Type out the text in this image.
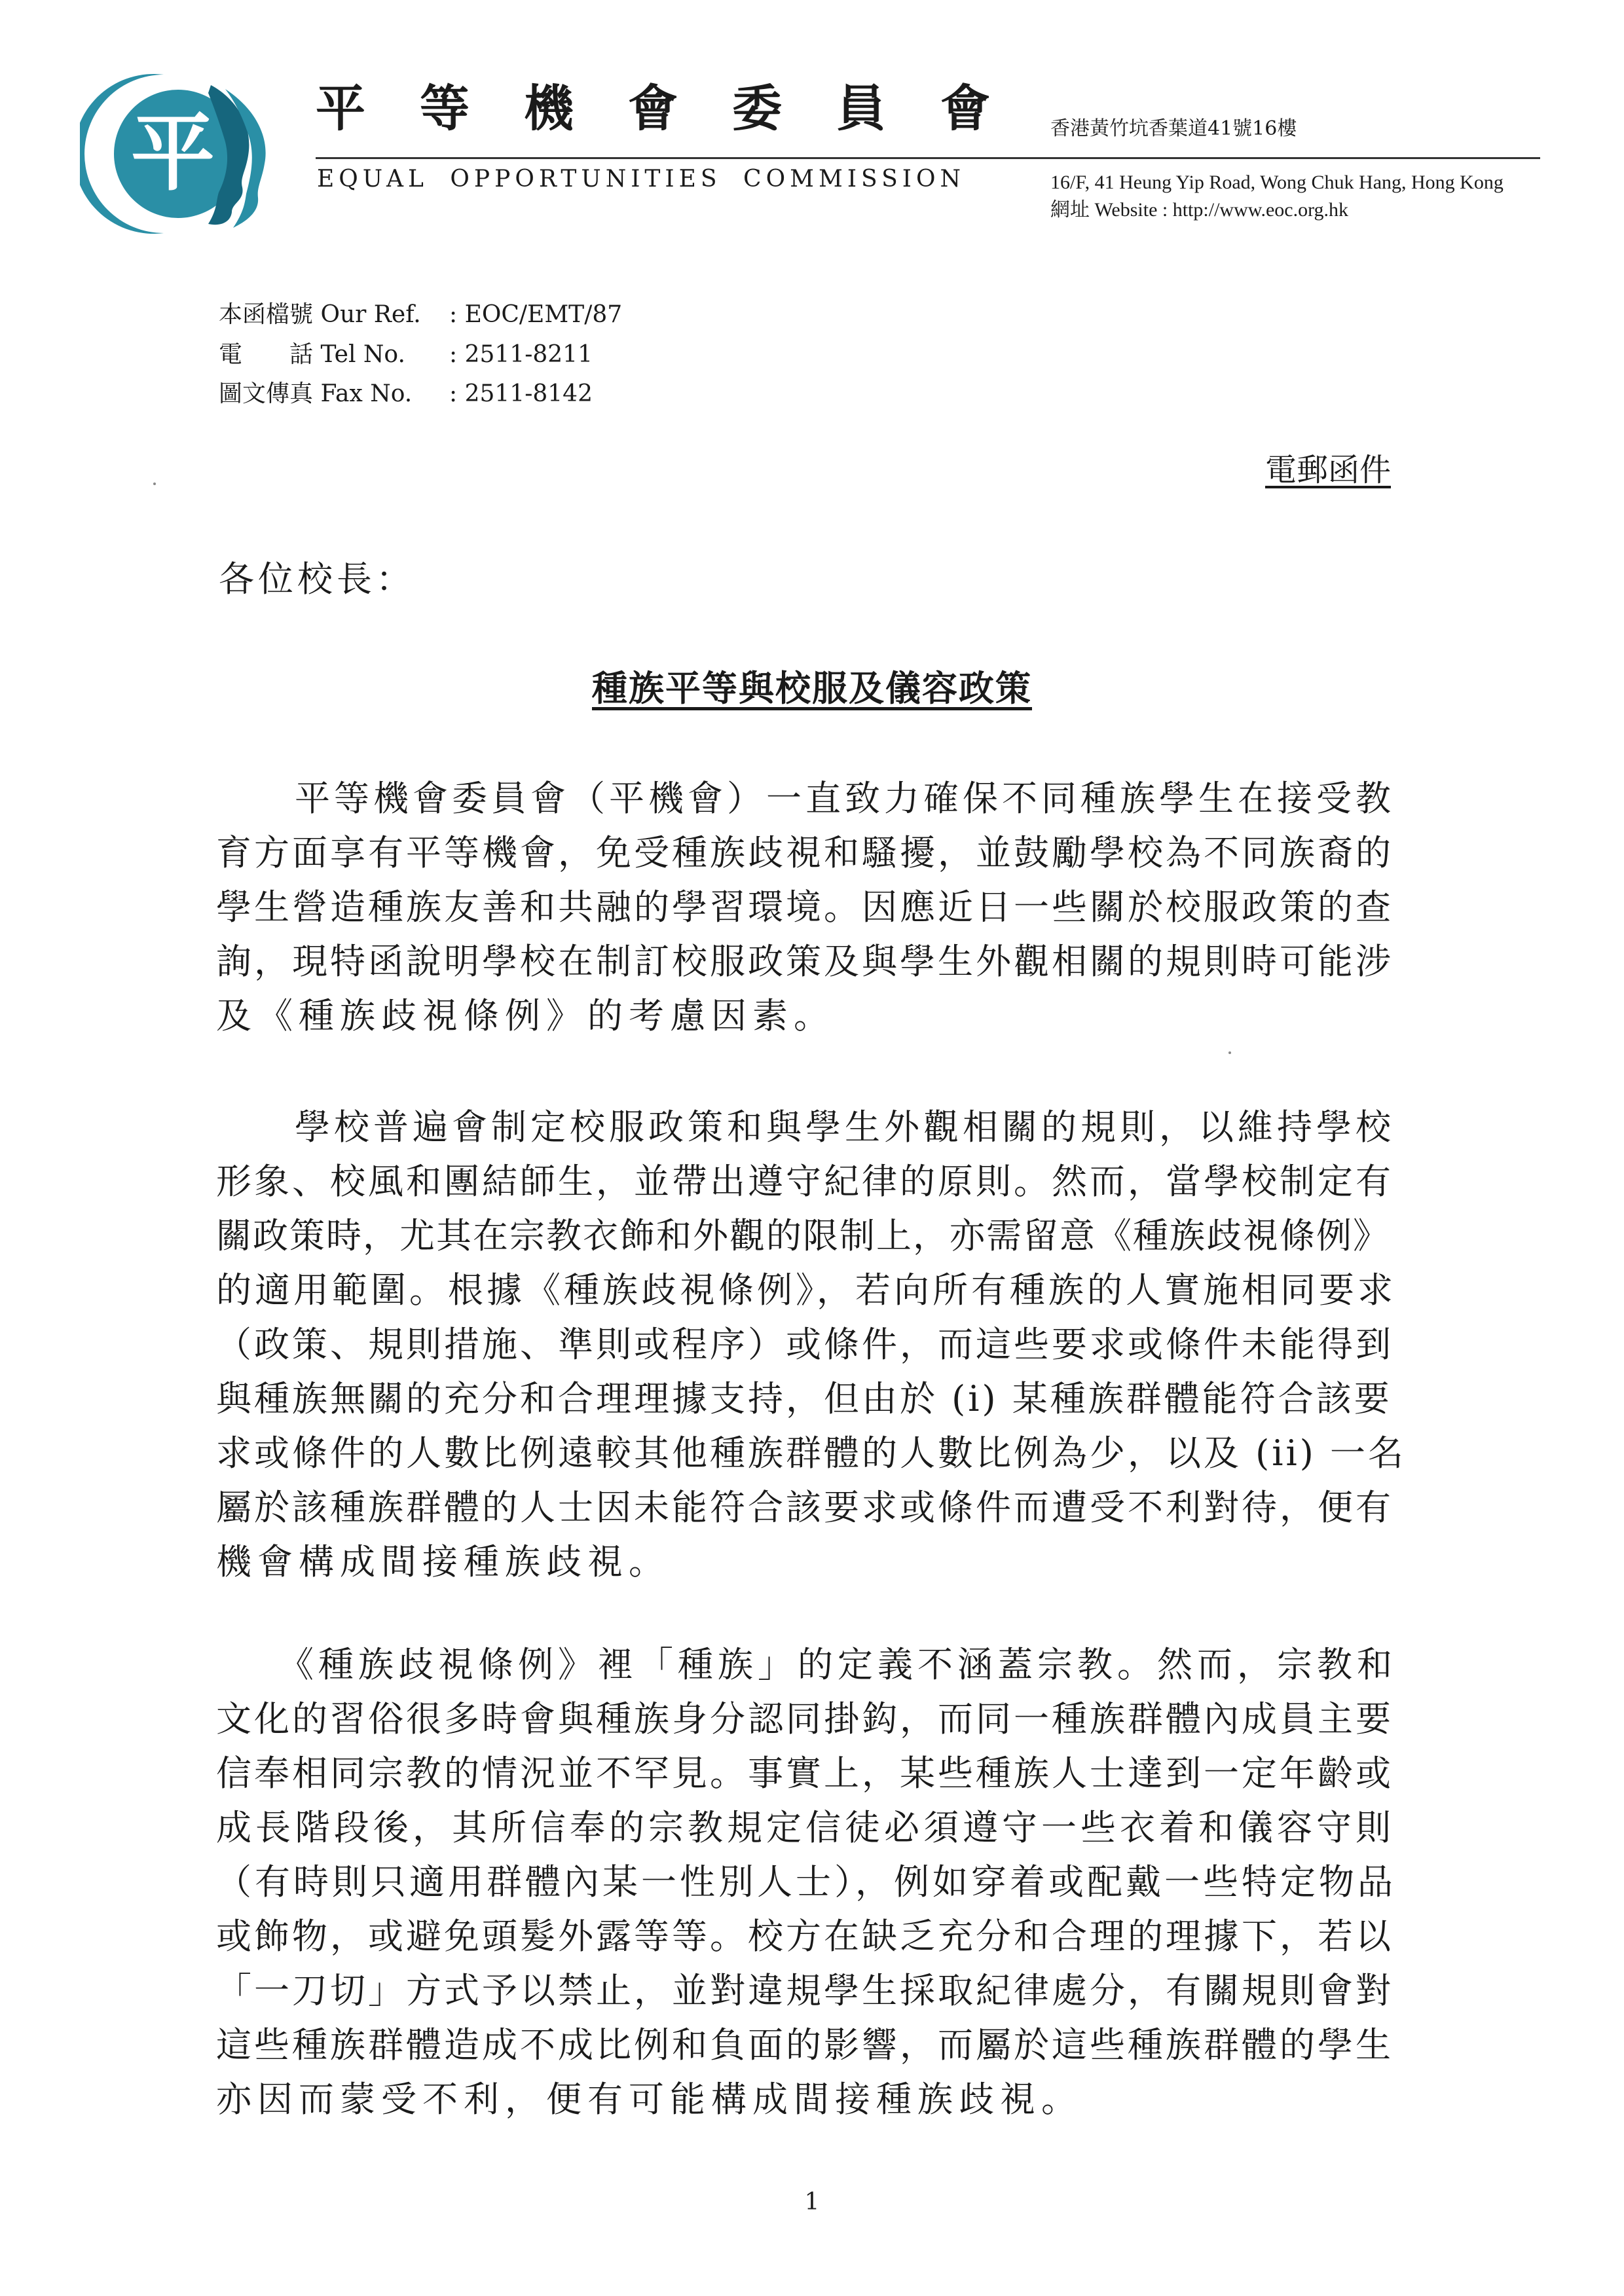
平 平 等 機 會 委 員 會
EQUAL OPPORTUNITIES COMMISSION
香港黃竹坑香葉道41號16樓
16/F, 41 Heung Yip Road, Wong Chuk Hang, Hong Kong
網址 Website : http://www.eoc.org.hk
本函檔號 Our Ref.	: EOC/EMT/87
電　　話 Tel No.	: 2511-8211
圖文傳真 Fax No.	: 2511-8142
電郵函件
各位校長：
種族平等與校服及儀容政策
　　平等機會委員會（平機會）一直致力確保不同種族學生在接受教
育方面享有平等機會，免受種族歧視和騷擾，並鼓勵學校為不同族裔的
學生營造種族友善和共融的學習環境。因應近日一些關於校服政策的查
詢，現特函說明學校在制訂校服政策及與學生外觀相關的規則時可能涉
及《種族歧視條例》的考慮因素。
　　學校普遍會制定校服政策和與學生外觀相關的規則，以維持學校
形象、校風和團結師生，並帶出遵守紀律的原則。然而，當學校制定有
關政策時，尤其在宗教衣飾和外觀的限制上，亦需留意《種族歧視條例》
的適用範圍。根據《種族歧視條例》，若向所有種族的人實施相同要求
（政策、規則措施、準則或程序）或條件，而這些要求或條件未能得到
與種族無關的充分和合理理據支持，但由於 (i) 某種族群體能符合該要
求或條件的人數比例遠較其他種族群體的人數比例為少，以及 (ii) 一名
屬於該種族群體的人士因未能符合該要求或條件而遭受不利對待，便有
機會構成間接種族歧視。
　　《種族歧視條例》裡「種族」的定義不涵蓋宗教。然而，宗教和
文化的習俗很多時會與種族身分認同掛鈎，而同一種族群體內成員主要
信奉相同宗教的情況並不罕見。事實上，某些種族人士達到一定年齡或
成長階段後，其所信奉的宗教規定信徒必須遵守一些衣着和儀容守則
（有時則只適用群體內某一性別人士），例如穿着或配戴一些特定物品
或飾物，或避免頭髮外露等等。校方在缺乏充分和合理的理據下，若以
「一刀切」方式予以禁止，並對違規學生採取紀律處分，有關規則會對
這些種族群體造成不成比例和負面的影響，而屬於這些種族群體的學生
亦因而蒙受不利，便有可能構成間接種族歧視。
1
